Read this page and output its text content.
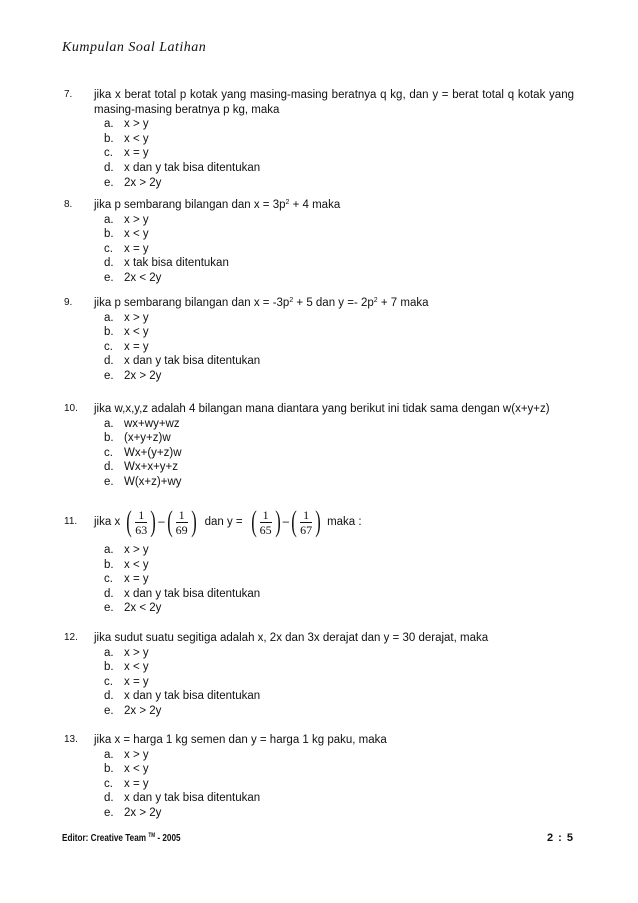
Kumpulan Soal Latihan
7. jika x berat total p kotak yang masing-masing beratnya q kg, dan y = berat total q kotak yang masing-masing beratnya p kg, maka
a. x > y
b. x < y
c. x = y
d. x dan y tak bisa ditentukan
e. 2x > 2y
8. jika p sembarang bilangan dan $x = 3p^2 + 4$ maka
a. x > y
b. x < y
c. x = y
d. x tak bisa ditentukan
e. 2x < 2y
9. jika p sembarang bilangan dan $x = -3p^2 + 5$ dan $y =- 2p^2 + 7$ maka
a. x > y
b. x < y
c. x = y
d. x dan y tak bisa ditentukan
e. 2x > 2y
10. jika w,x,y,z adalah 4 bilangan mana diantara yang berikut ini tidak sama dengan w(x+y+z)
a. wx+wy+wz
b. (x+y+z)w
c. Wx+(y+z)w
d. Wx+x+y+z
e. W(x+z)+wy
11. jika x ( $\frac{1}{63}$ ) – ( $\frac{1}{69}$ ) dan y = ( $\frac{1}{65}$ ) – ( $\frac{1}{67}$ ) maka :
a. x > y
b. x < y
c. x = y
d. x dan y tak bisa ditentukan
e. 2x < 2y
12. jika sudut suatu segitiga adalah x, 2x dan 3x derajat dan y = 30 derajat, maka
a. x > y
b. x < y
c. x = y
d. x dan y tak bisa ditentukan
e. 2x > 2y
13. jika x = harga 1 kg semen dan y = harga 1 kg paku, maka
a. x > y
b. x < y
c. x = y
d. x dan y tak bisa ditentukan
e. 2x > 2y
Editor: Creative Team ™ - 2005	2 : 5
